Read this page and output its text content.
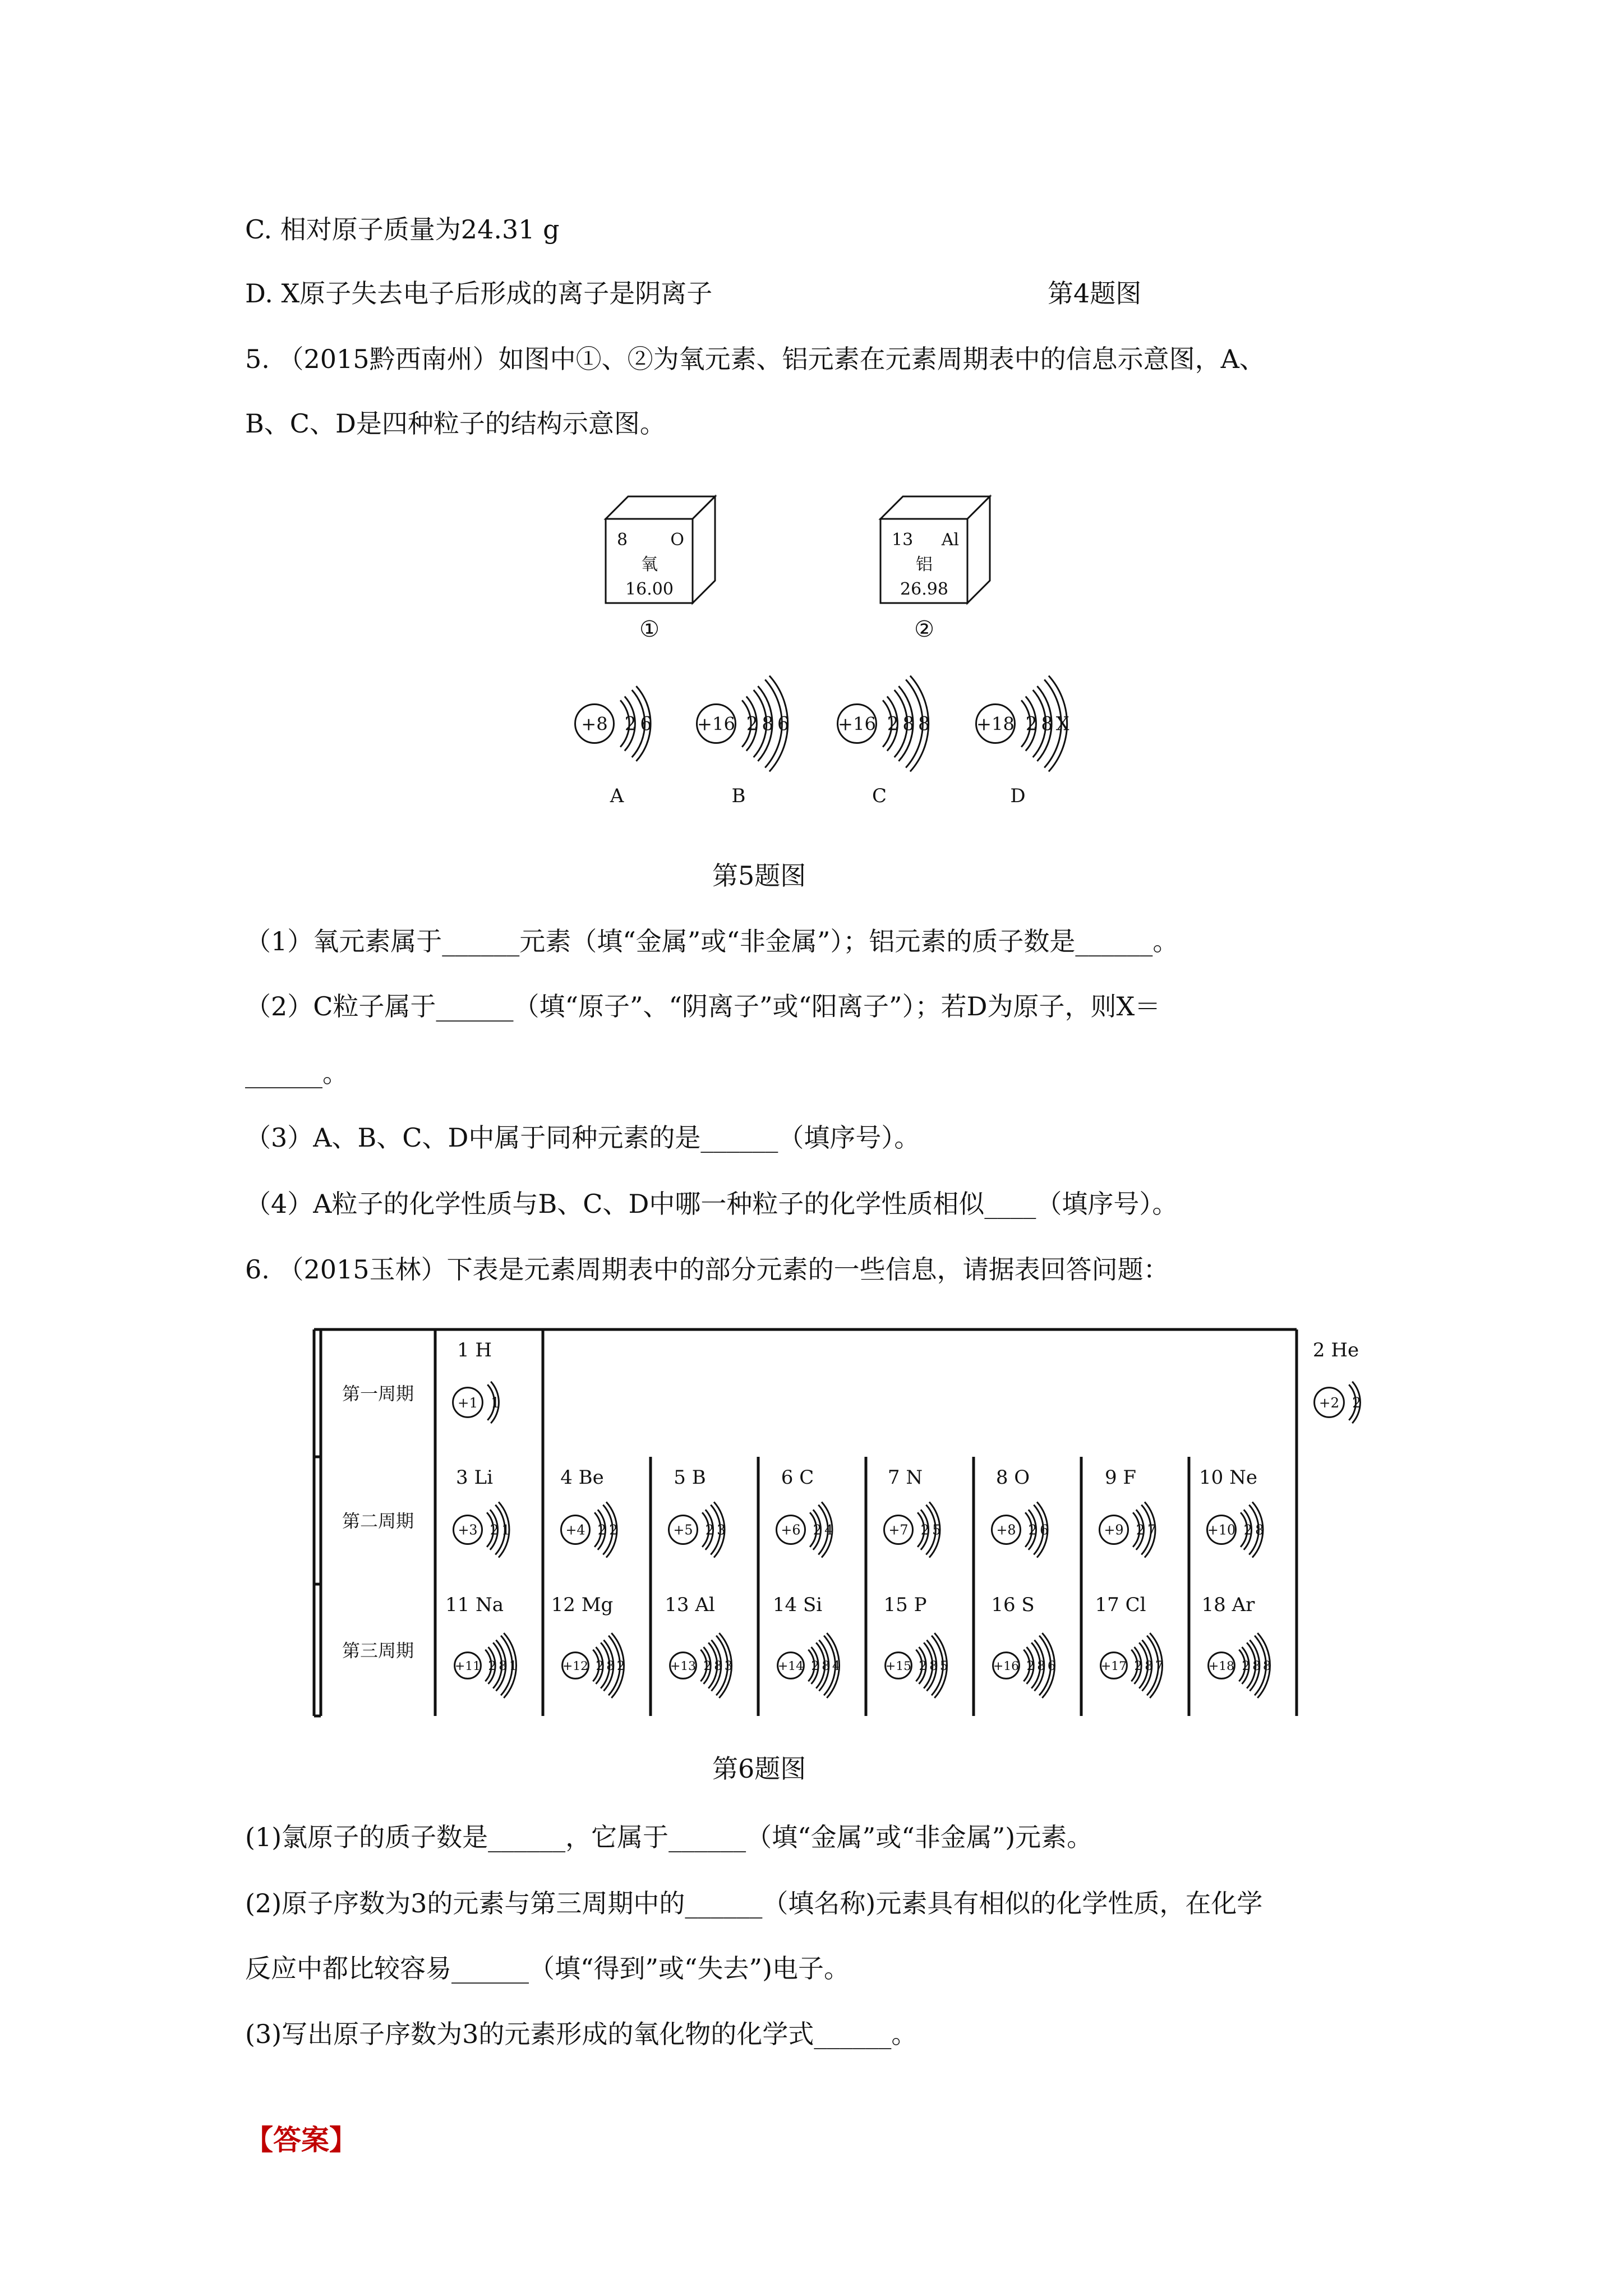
C. 相对原子质量为24.31 g
D. X原子失去电子后形成的离子是阴离子	第4题图
5. （2015黔西南州）如图中①、②为氧元素、铝元素在元素周期表中的信息示意图，A、
B、C、D是四种粒子的结构示意图。
8	O
氧
16.00
①
13 Al
铝
26.98
②
+8 2 6
A
+16 2 8 6
B
+16 2 8 8
C
+18 2 8 X
D
第5题图
（1）氧元素属于______元素（填“金属”或“非金属”）；铝元素的质子数是______。
（2）C粒子属于______（填“原子”、“阴离子”或“阳离子”）；若D为原子，则X＝
______。
（3）A、B、C、D中属于同种元素的是______（填序号）。
（4）A粒子的化学性质与B、C、D中哪一种粒子的化学性质相似____（填序号）。
6. （2015玉林）下表是元素周期表中的部分元素的一些信息，请据表回答问题：
第一周期
第二周期
第三周期
1 H
+1 1
2 He
+2 2
3 Li
+3 2 1
4 Be
+4 2 2
5 B
+5 2 3
6 C
+6 2 4
7 N
+7 2 5
8 O
+8 2 6
9 F
+9 2 7
10 Ne
+10 2 8
11 Na
+11 2 8 1
12 Mg
+12 2 8 2
13 Al
+13 2 8 3
14 Si
+14 2 8 4
15 P
+15 2 8 5
16 S
+16 2 8 6
17 Cl
+17 2 8 7
18 Ar
+18 2 8 8
第6题图
(1)氯原子的质子数是______，它属于______（填“金属”或“非金属”)元素。
(2)原子序数为3的元素与第三周期中的______（填名称)元素具有相似的化学性质，在化学
反应中都比较容易______（填“得到”或“失去”)电子。
(3)写出原子序数为3的元素形成的氧化物的化学式______。
【答案】
